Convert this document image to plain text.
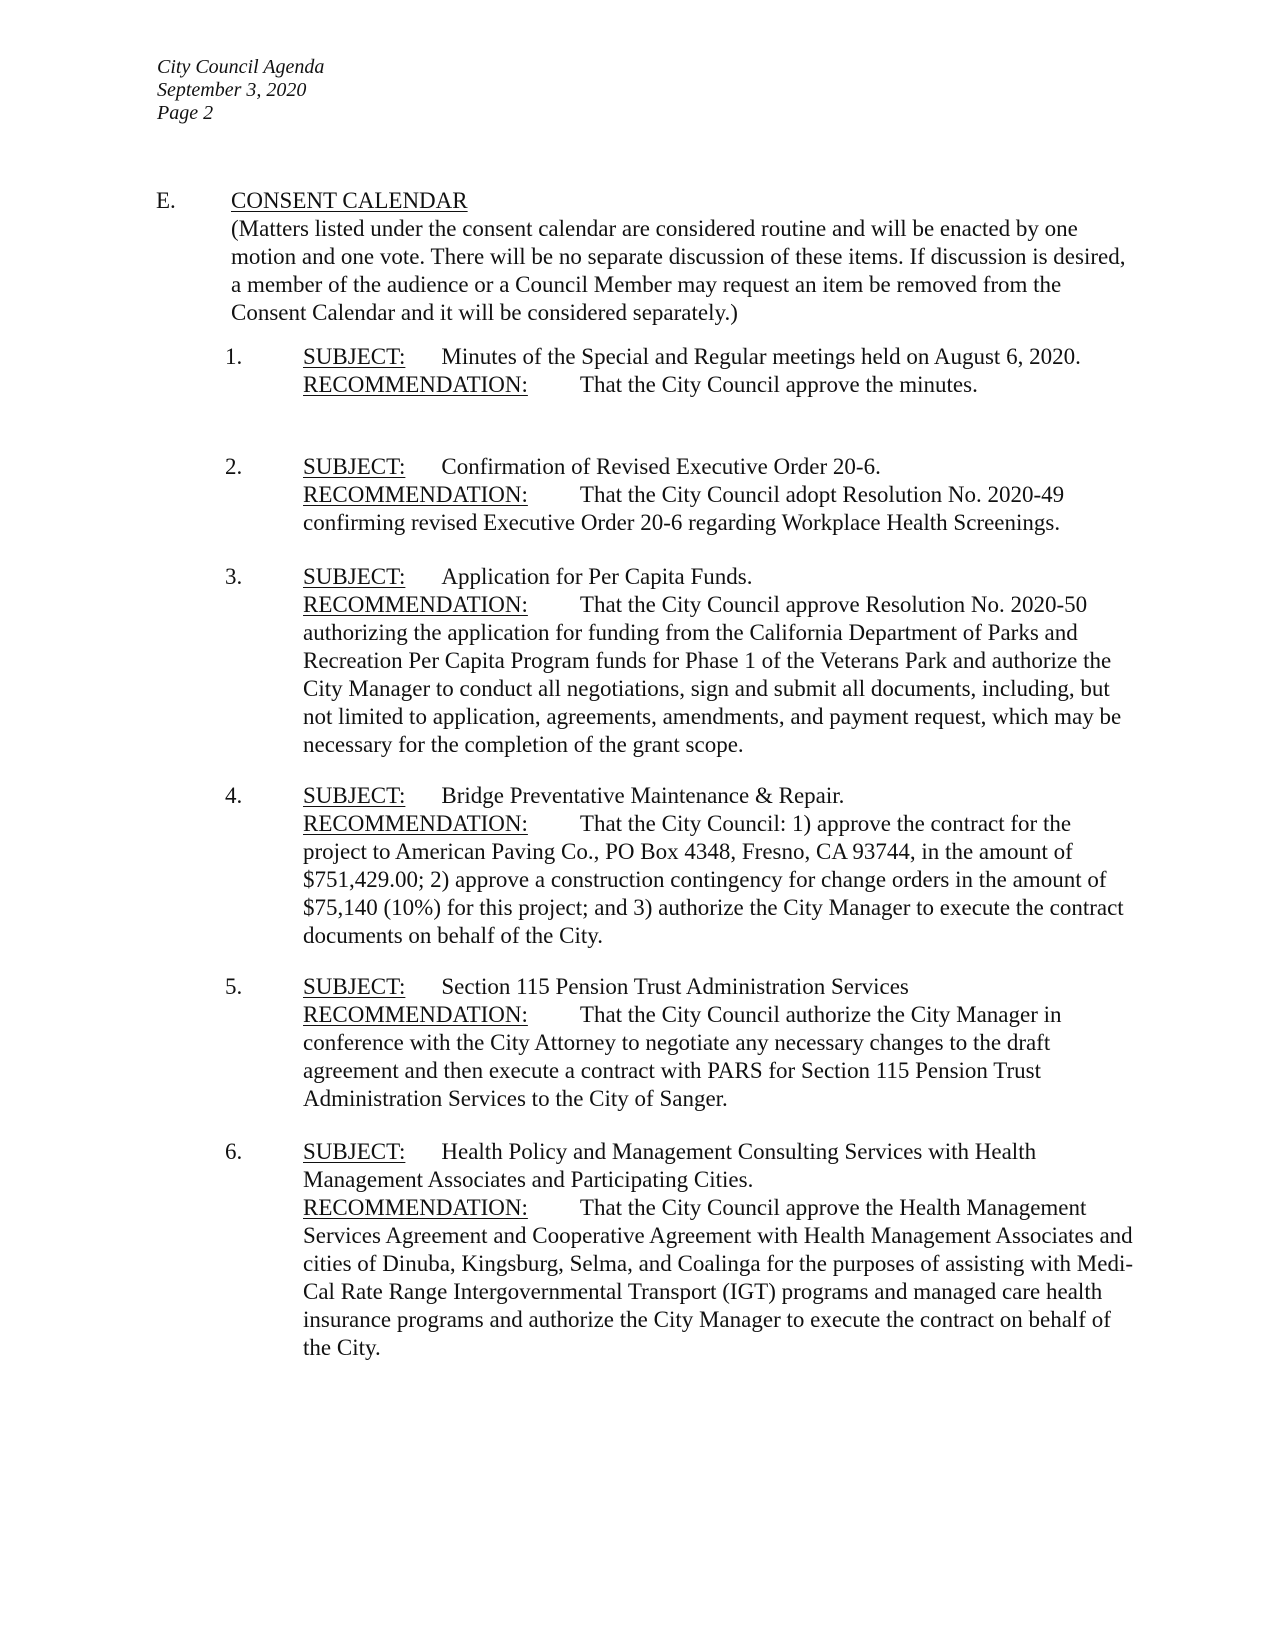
City Council Agenda
September 3, 2020
Page 2
E. CONSENT CALENDAR

(Matters listed under the consent calendar are considered routine and will be enacted by one motion and one vote. There will be no separate discussion of these items. If discussion is desired, a member of the audience or a Council Member may request an item be removed from the Consent Calendar and it will be considered separately.)

1.	SUBJECT: Minutes of the Special and Regular meetings held on August 6, 2020.

RECOMMENDATION: That the City Council approve the minutes.

2.	SUBJECT: Confirmation of Revised Executive Order 20-6.

RECOMMENDATION: That the City Council adopt Resolution No. 2020-49 confirming revised Executive Order 20-6 regarding Workplace Health Screenings.

3.	SUBJECT: Application for Per Capita Funds.

RECOMMENDATION: That the City Council approve Resolution No. 2020-50 authorizing the application for funding from the California Department of Parks and Recreation Per Capita Program funds for Phase 1 of the Veterans Park and authorize the City Manager to conduct all negotiations, sign and submit all documents, including, but not limited to application, agreements, amendments, and payment request, which may be necessary for the completion of the grant scope.

4.	SUBJECT: Bridge Preventative Maintenance & Repair.

RECOMMENDATION: That the City Council: 1) approve the contract for the project to American Paving Co., PO Box 4348, Fresno, CA 93744, in the amount of $751,429.00; 2) approve a construction contingency for change orders in the amount of $75,140 (10%) for this project; and 3) authorize the City Manager to execute the contract documents on behalf of the City.

5.	SUBJECT: Section 115 Pension Trust Administration Services

RECOMMENDATION: That the City Council authorize the City Manager in conference with the City Attorney to negotiate any necessary changes to the draft agreement and then execute a contract with PARS for Section 115 Pension Trust Administration Services to the City of Sanger.

6.	SUBJECT: Health Policy and Management Consulting Services with Health Management Associates and Participating Cities.

RECOMMENDATION: That the City Council approve the Health Management Services Agreement and Cooperative Agreement with Health Management Associates and cities of Dinuba, Kingsburg, Selma, and Coalinga for the purposes of assisting with Medi-Cal Rate Range Intergovernmental Transport (IGT) programs and managed care health insurance programs and authorize the City Manager to execute the contract on behalf of the City.
